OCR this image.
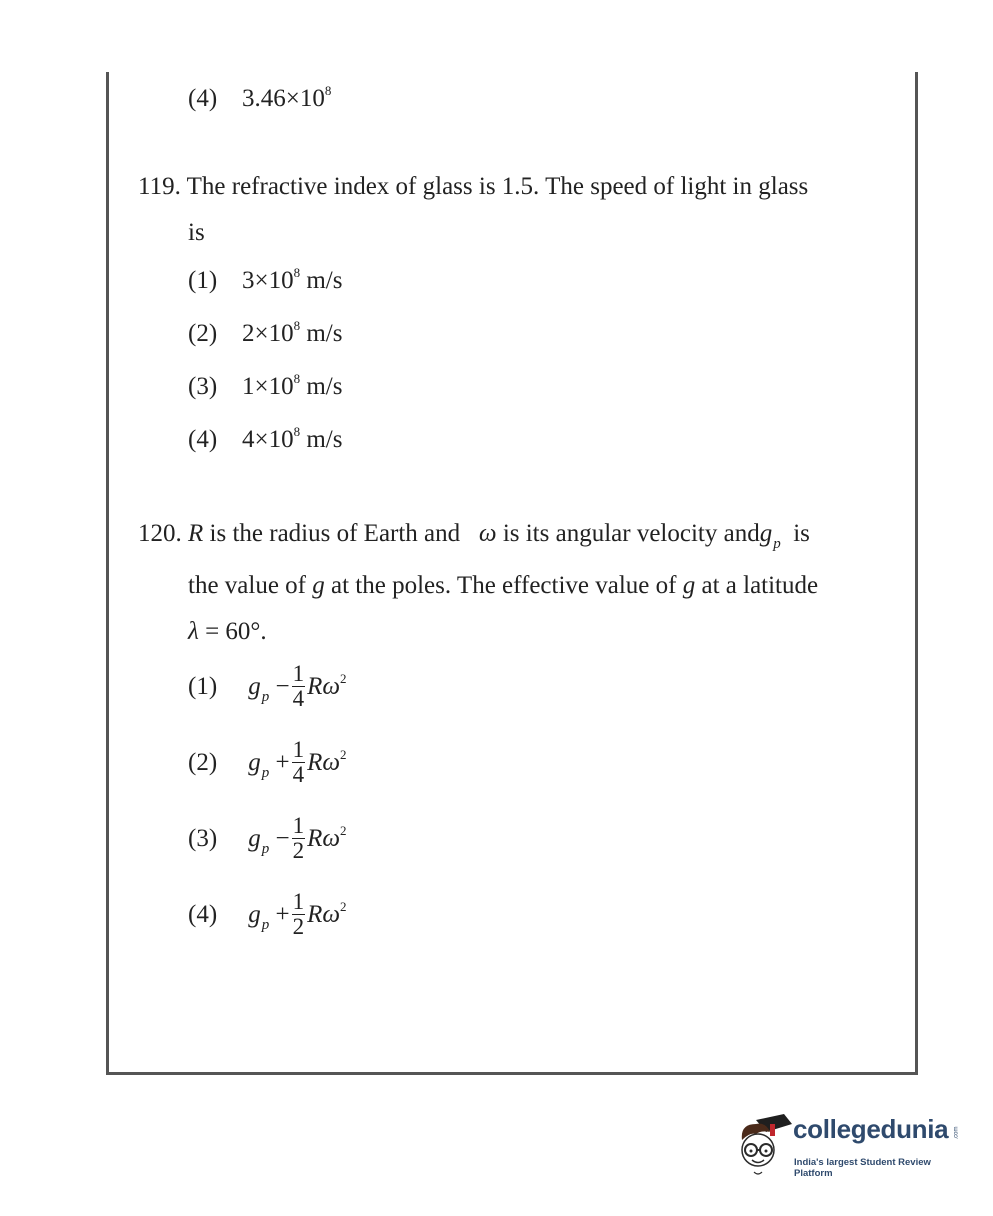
(4) $3.46\times 10^8$
119. The refractive index of glass is 1.5. The speed of light in glass
is
(1) $3\times 10^8$ m/s
(2) $2\times 10^8$ m/s
(3) $1\times 10^8$ m/s
(4) $4\times 10^8$ m/s
120. R is the radius of Earth and ω is its angular velocity andg$_p$ is
the value of g at the poles. The effective value of g at a latitude
λ = 60°.
(1) $g_p - \frac{1}{4} R\omega^2$
(2) $g_p + \frac{1}{4} R\omega^2$
(3) $g_p - \frac{1}{2} R\omega^2$
(4) $g_p + \frac{1}{2} R\omega^2$
collegedunia .com
India's largest Student Review Platform
